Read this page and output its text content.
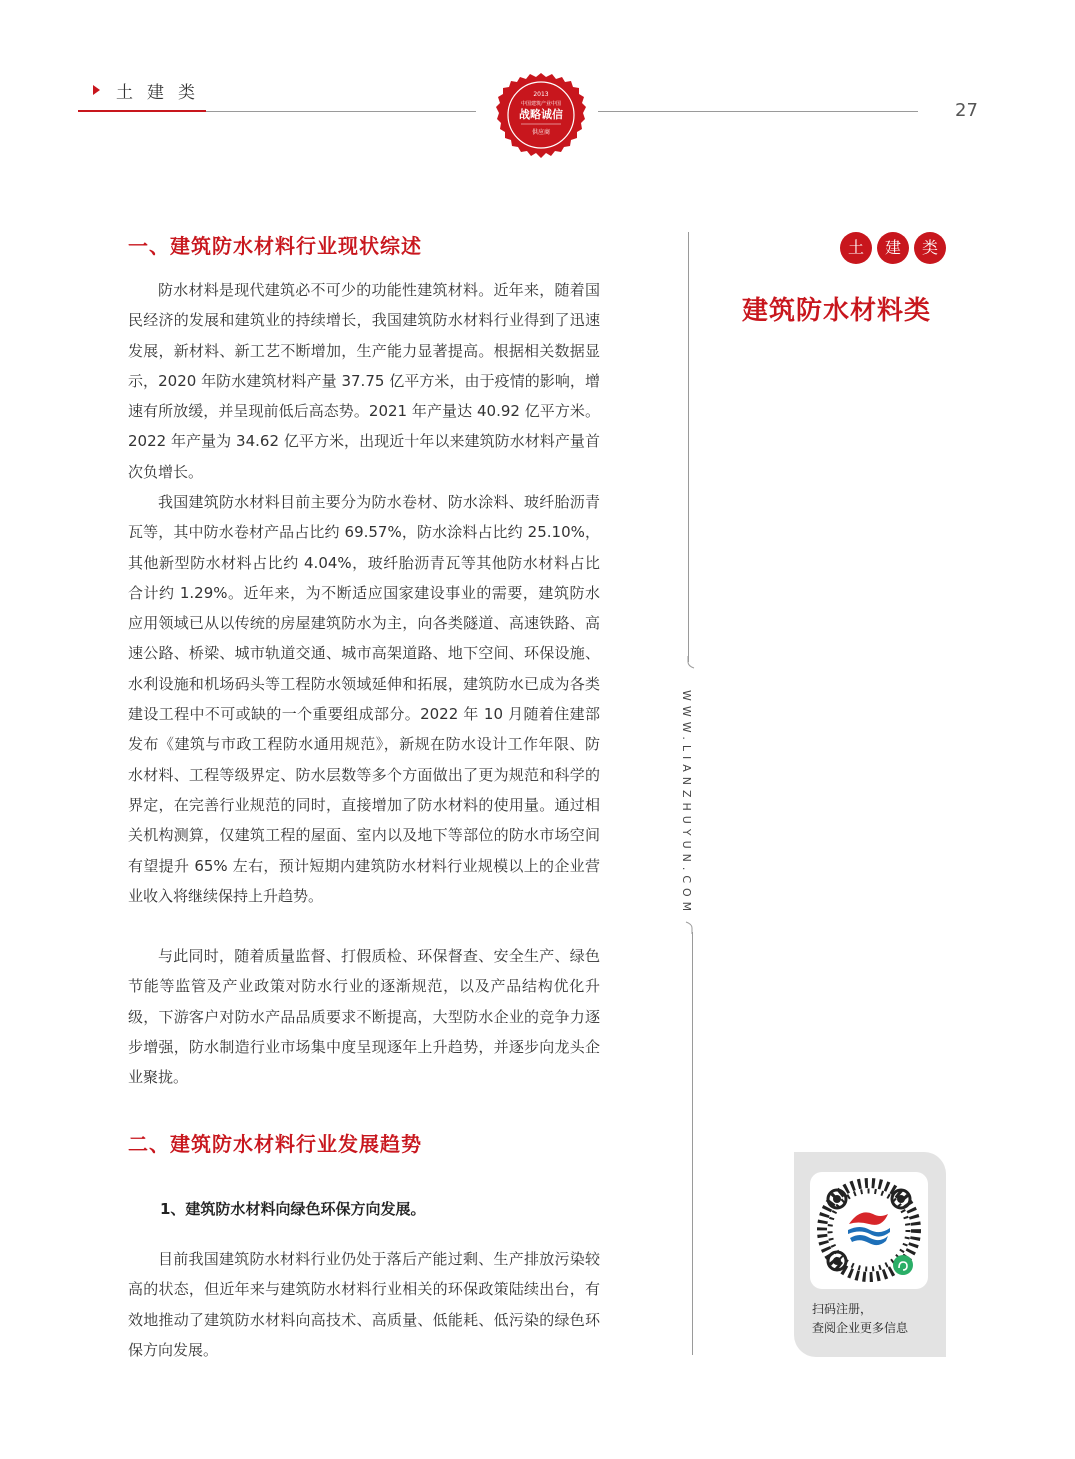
土建类
27
2013
中国建筑产业中国
战略诚信
供应商
一、建筑防水材料行业现状综述

防水材料是现代建筑必不可少的功能性建筑材料。近年来，随着国民经济的发展和建筑业的持续增长，我国建筑防水材料行业得到了迅速发展，新材料、新工艺不断增加，生产能力显著提高。根据相关数据显示，2020 年防水建筑材料产量 37.75 亿平方米，由于疫情的影响，增速有所放缓，并呈现前低后高态势。2021 年产量达 40.92 亿平方米。2022 年产量为 34.62 亿平方米，出现近十年以来建筑防水材料产量首次负增长。

我国建筑防水材料目前主要分为防水卷材、防水涂料、玻纤胎沥青瓦等，其中防水卷材产品占比约 69.57%，防水涂料占比约 25.10%，其他新型防水材料占比约 4.04%，玻纤胎沥青瓦等其他防水材料占比合计约 1.29%。近年来，为不断适应国家建设事业的需要，建筑防水应用领域已从以传统的房屋建筑防水为主，向各类隧道、高速铁路、高速公路、桥梁、城市轨道交通、城市高架道路、地下空间、环保设施、水利设施和机场码头等工程防水领域延伸和拓展，建筑防水已成为各类建设工程中不可或缺的一个重要组成部分。2022 年 10 月随着住建部发布《建筑与市政工程防水通用规范》，新规在防水设计工作年限、防水材料、工程等级界定、防水层数等多个方面做出了更为规范和科学的界定，在完善行业规范的同时，直接增加了防水材料的使用量。通过相关机构测算，仅建筑工程的屋面、室内以及地下等部位的防水市场空间有望提升 65% 左右，预计短期内建筑防水材料行业规模以上的企业营业收入将继续保持上升趋势。

与此同时，随着质量监督、打假质检、环保督查、安全生产、绿色节能等监管及产业政策对防水行业的逐渐规范，以及产品结构优化升级，下游客户对防水产品品质要求不断提高，大型防水企业的竞争力逐步增强，防水制造行业市场集中度呈现逐年上升趋势，并逐步向龙头企业聚拢。

二、建筑防水材料行业发展趋势
1、建筑防水材料向绿色环保方向发展。

目前我国建筑防水材料行业仍处于落后产能过剩、生产排放污染较高的状态，但近年来与建筑防水材料行业相关的环保政策陆续出台，有效地推动了建筑防水材料向高技术、高质量、低能耗、低污染的绿色环保方向发展。

WWW.LIANZHUYUN.COM
土	建	类
建筑防水材料类
扫码注册，
查阅企业更多信息
